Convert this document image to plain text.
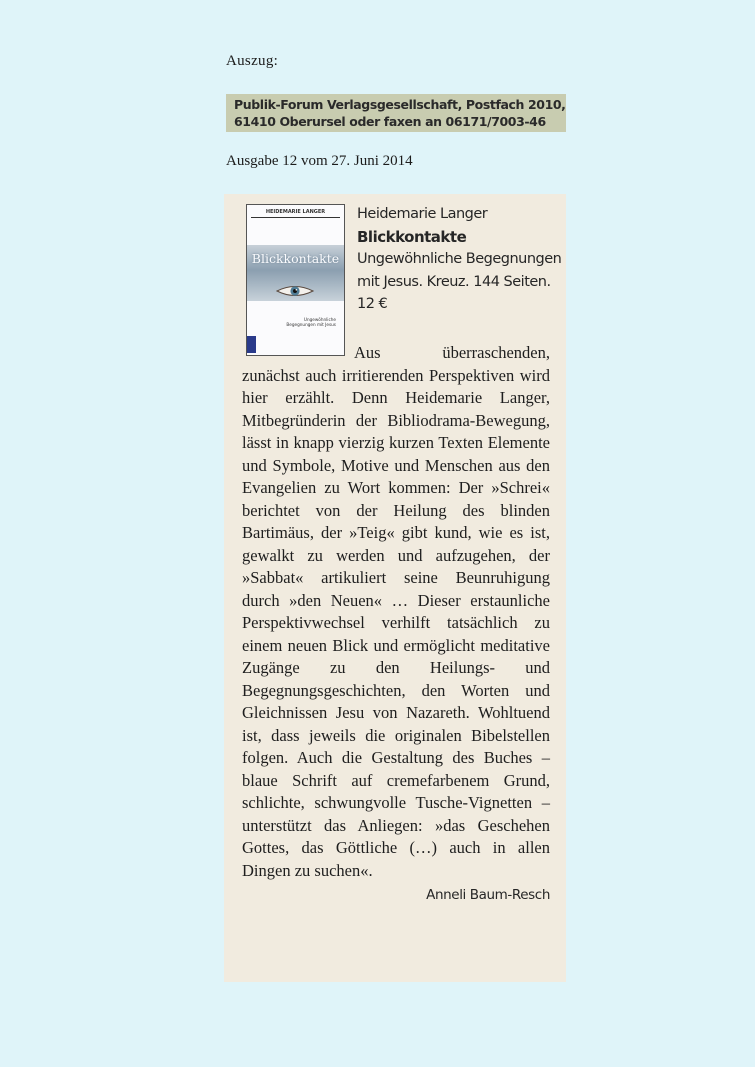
Auszug:
Publik-Forum Verlagsgesellschaft, Postfach 2010,
61410 Oberursel oder faxen an 06171/7003-46
Ausgabe 12 vom 27. Juni 2014
HEIDEMARIE LANGER
Blickkontakte
Ungewöhnliche Begegnungen mit Jesus
Heidemarie Langer
Blickkontakte
Ungewöhnliche Begegnungen
mit Jesus. Kreuz. 144 Seiten.
12 €

Aus überraschenden, zunächst auch irritierenden Perspektiven wird hier erzählt. Denn Heidemarie Langer, Mitbegründerin der Bibliodrama-Bewegung, lässt in knapp vierzig kurzen Texten Elemente und Symbole, Motive und Menschen aus den Evangelien zu Wort kommen: Der »Schrei« berichtet von der Heilung des blinden Bartimäus, der »Teig« gibt kund, wie es ist, gewalkt zu werden und aufzugehen, der »Sabbat« artikuliert seine Beunruhigung durch »den Neuen« … Dieser erstaunliche Perspektivwechsel verhilft tatsächlich zu einem neuen Blick und ermöglicht meditative Zugänge zu den Heilungs- und Begegnungsgeschichten, den Worten und Gleichnissen Jesu von Nazareth. Wohltuend ist, dass jeweils die originalen Bibelstellen folgen. Auch die Gestaltung des Buches – blaue Schrift auf cremefarbenem Grund, schlichte, schwungvolle Tusche-Vignetten – unterstützt das Anliegen: »das Geschehen Gottes, das Göttliche (…) auch in allen Dingen zu suchen«.
Anneli Baum-Resch
